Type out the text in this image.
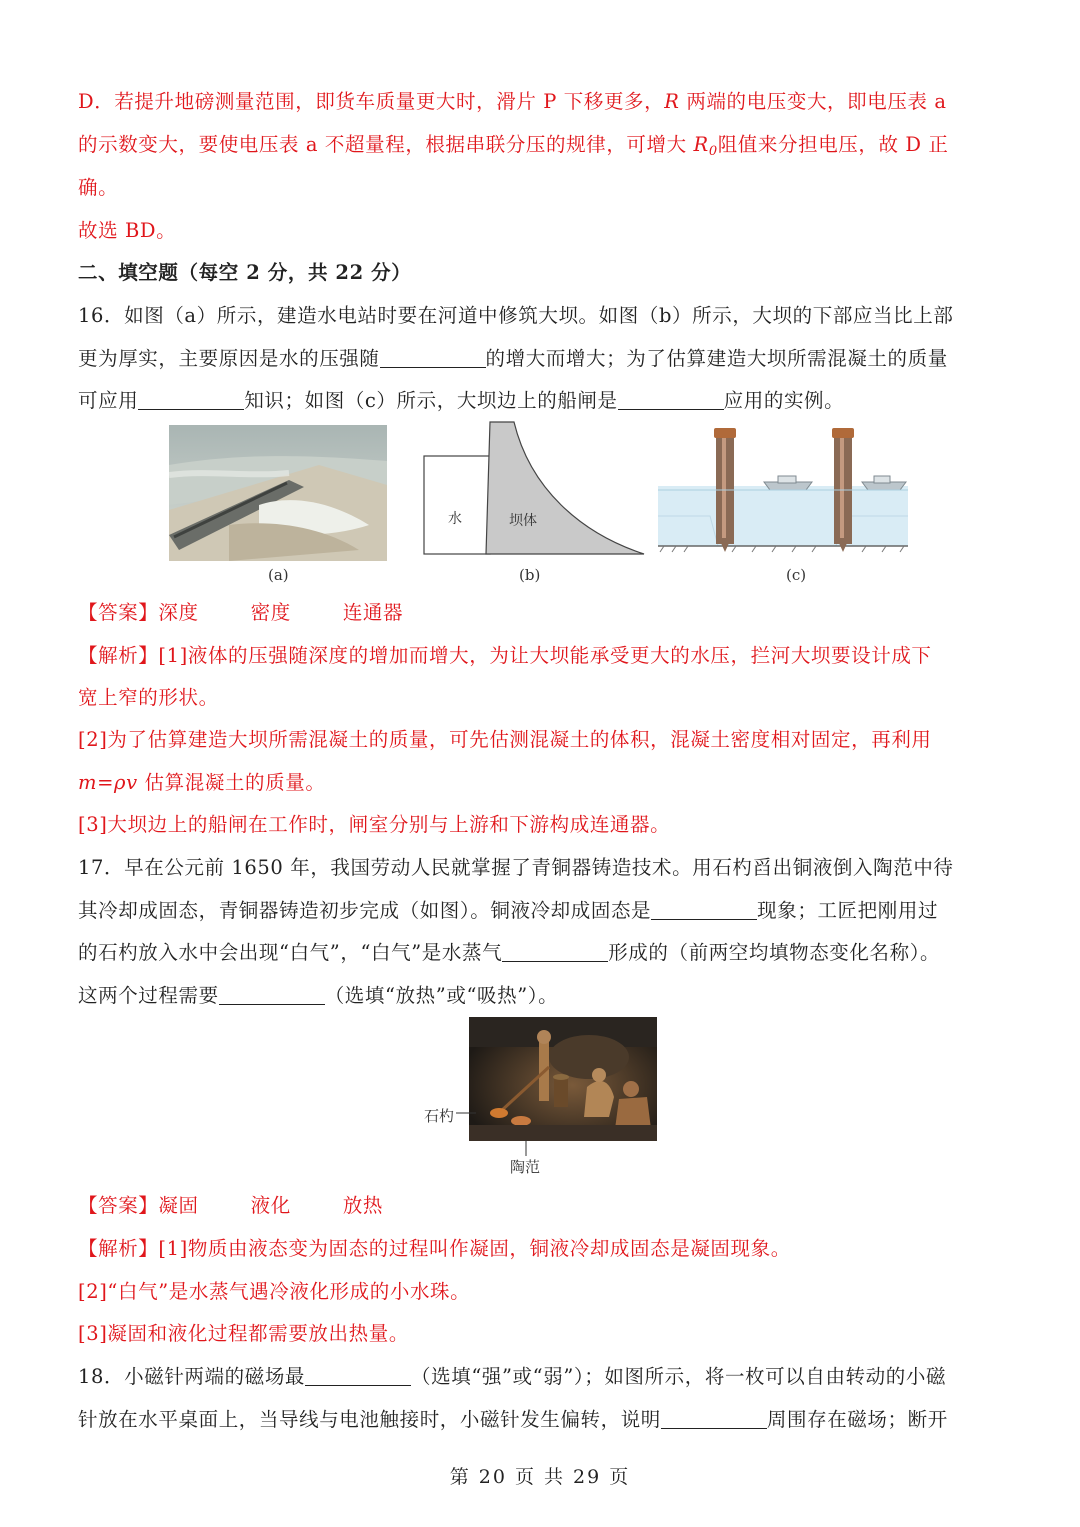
D．若提升地磅测量范围，即货车质量更大时，滑片 P 下移更多，R 两端的电压变大，即电压表 a
的示数变大，要使电压表 a 不超量程，根据串联分压的规律，可增大 $R_0$阻值来分担电压，故 D 正
确。
故选 BD。
二、填空题（每空 2 分，共 22 分）
16．如图（a）所示，建造水电站时要在河道中修筑大坝。如图（b）所示，大坝的下部应当比上部
更为厚实，主要原因是水的压强随	的增大而增大；为了估算建造大坝所需混凝土的质量
可应用	知识；如图（c）所示，大坝边上的船闸是	应用的实例。
(a)
水	坝体
(b)	(c)
【答案】深度	密度	连通器
【解析】[1]液体的压强随深度的增加而增大，为让大坝能承受更大的水压，拦河大坝要设计成下
宽上窄的形状。
[2]为了估算建造大坝所需混凝土的质量，可先估测混凝土的体积，混凝土密度相对固定，再利用
m=ρv 估算混凝土的质量。
[3]大坝边上的船闸在工作时，闸室分别与上游和下游构成连通器。
17．早在公元前 1650 年，我国劳动人民就掌握了青铜器铸造技术。用石杓舀出铜液倒入陶范中待
其冷却成固态，青铜器铸造初步完成（如图）。铜液冷却成固态是	现象；工匠把刚用过
的石杓放入水中会出现“白气”，“白气”是水蒸气	形成的（前两空均填物态变化名称）。
这两个过程需要	（选填“放热”或“吸热”）。
石杓
陶范
【答案】凝固	液化	放热
【解析】[1]物质由液态变为固态的过程叫作凝固，铜液冷却成固态是凝固现象。
[2]“白气”是水蒸气遇冷液化形成的小水珠。
[3]凝固和液化过程都需要放出热量。
18．小磁针两端的磁场最	（选填“强”或“弱”）；如图所示，将一枚可以自由转动的小磁
针放在水平桌面上，当导线与电池触接时，小磁针发生偏转，说明	周围存在磁场；断开
第 20 页 共 29 页
